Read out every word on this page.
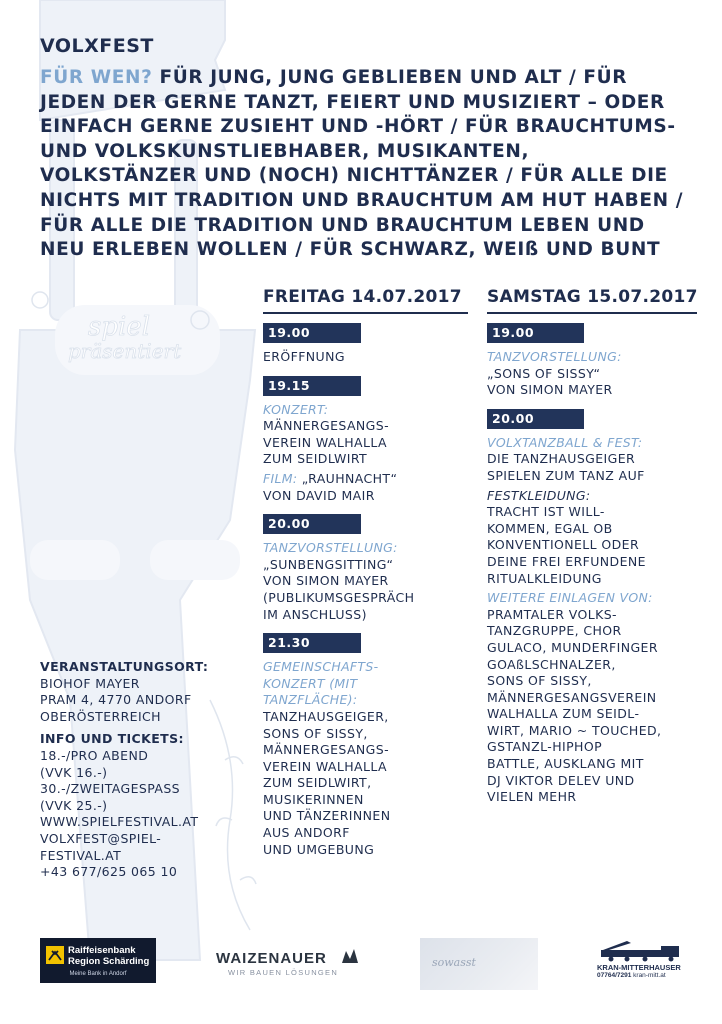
spiel
präsentiert
VOLXFEST

FÜR WEN? FÜR JUNG, JUNG GEBLIEBEN UND ALT / FÜR JEDEN DER GERNE TANZT, FEIERT UND MUSIZIERT – ODER EINFACH GERNE ZUSIEHT UND -HÖRT / FÜR BRAUCHTUMS- UND VOLKSKUNSTLIEBHABER, MUSIKANTEN, VOLKSTÄNZER UND (NOCH) NICHTTÄNZER / FÜR ALLE DIE NICHTS MIT TRADITION UND BRAUCHTUM AM HUT HABEN / FÜR ALLE DIE TRADITION UND BRAUCHTUM LEBEN UND NEU ERLEBEN WOLLEN / FÜR SCHWARZ, WEIß UND BUNT

FREITAG 14.07.2017
19.00
ERÖFFNUNG
19.15
KONZERT:
MÄNNERGESANGS-
VEREIN WALHALLA
ZUM SEIDLWIRT
FILM: „RAUHNACHT“
VON DAVID MAIR
20.00
TANZVORSTELLUNG:
„SUNBENGSITTING“
VON SIMON MAYER
(PUBLIKUMSGESPRÄCH
IM ANSCHLUSS)
21.30
GEMEINSCHAFTS-
KONZERT (MIT
TANZFLÄCHE):
TANZHAUSGEIGER,
SONS OF SISSY,
MÄNNERGESANGS-
VEREIN WALHALLA
ZUM SEIDLWIRT,
MUSIKERINNEN
UND TÄNZERINNEN
AUS ANDORF
UND UMGEBUNG
SAMSTAG 15.07.2017
19.00
TANZVORSTELLUNG:
„SONS OF SISSY“
VON SIMON MAYER
20.00
VOLXTANZBALL & FEST:
DIE TANZHAUSGEIGER
SPIELEN ZUM TANZ AUF
FESTKLEIDUNG:
TRACHT IST WILL-
KOMMEN, EGAL OB
KONVENTIONELL ODER
DEINE FREI ERFUNDENE
RITUALKLEIDUNG
WEITERE EINLAGEN VON:
PRAMTALER VOLKS-
TANZGRUPPE, CHOR
GULACO, MUNDERFINGER
GOAßLSCHNALZER,
SONS OF SISSY,
MÄNNERGESANGSVEREIN
WALHALLA ZUM SEIDL-
WIRT, MARIO ~ TOUCHED,
GSTANZL-HIPHOP
BATTLE, AUSKLANG MIT
DJ VIKTOR DELEV UND
VIELEN MEHR
VERANSTALTUNGSORT:
BIOHOF MAYER
PRAM 4, 4770 ANDORF
OBERÖSTERREICH
INFO UND TICKETS:
18.-/PRO ABEND
(VVK 16.-)
30.-/ZWEITAGESPASS
(VVK 25.-)
WWW.SPIELFESTIVAL.AT
VOLXFEST@SPIEL-
FESTIVAL.AT
+43 677/625 065 10
Raiffeisenbank
Region Schärding
Meine Bank in Andorf
WAIZENAUER
WIR BAUEN LÖSUNGEN
sowasst	KRAN-MITTERHAUSER
07764/7291 kran-mitt.at
